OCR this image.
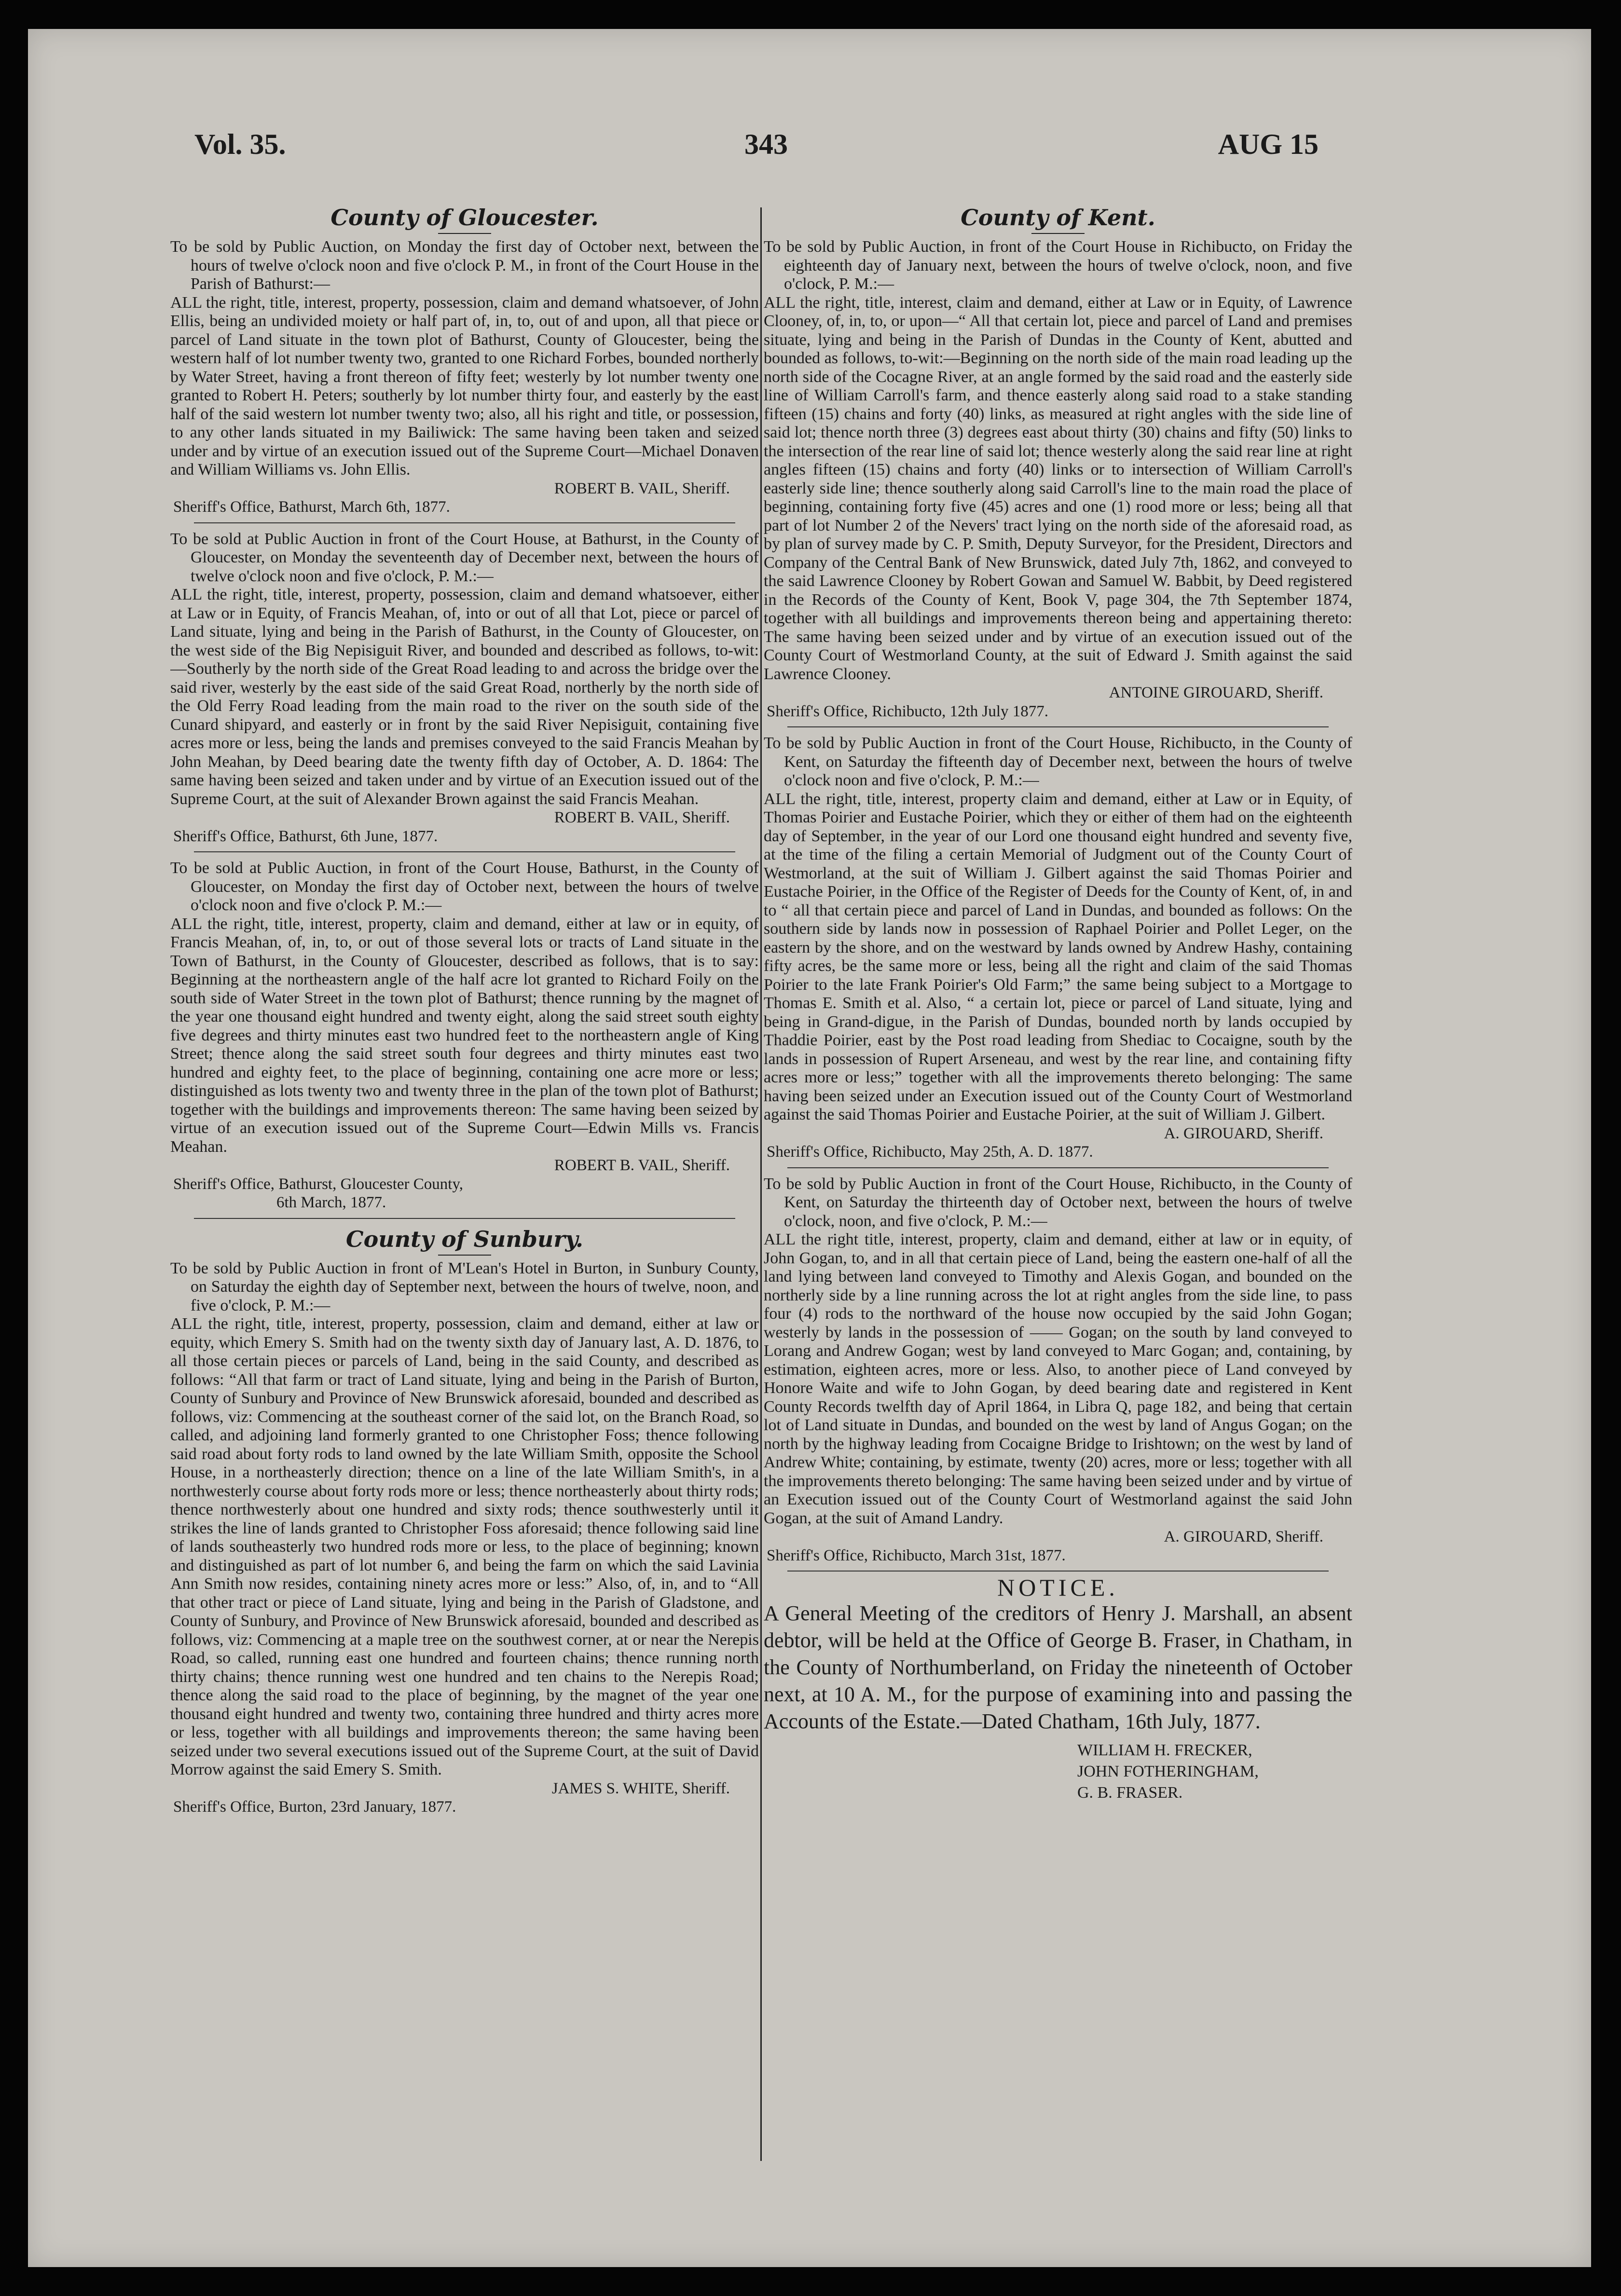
Vol. 35.	343	AUG 15
County of Gloucester.

To be sold by Public Auction, on Monday the first day of October next, between the hours of twelve o'clock noon and five o'clock P. M., in front of the Court House in the Parish of Bathurst:—

ALL the right, title, interest, property, possession, claim and demand whatsoever, of John Ellis, being an undivided moiety or half part of, in, to, out of and upon, all that piece or parcel of Land situate in the town plot of Bathurst, County of Gloucester, being the western half of lot number twenty two, granted to one Richard Forbes, bounded northerly by Water Street, having a front thereon of fifty feet; westerly by lot number twenty one granted to Robert H. Peters; southerly by lot number thirty four, and easterly by the east half of the said western lot number twenty two; also, all his right and title, or possession, to any other lands situated in my Bailiwick: The same having been taken and seized under and by virtue of an execution issued out of the Supreme Court—Michael Donaven and William Williams vs. John Ellis.

ROBERT B. VAIL, Sheriff.

Sheriff's Office, Bathurst, March 6th, 1877.

To be sold at Public Auction in front of the Court House, at Bathurst, in the County of Gloucester, on Monday the seventeenth day of December next, between the hours of twelve o'clock noon and five o'clock, P. M.:—

ALL the right, title, interest, property, possession, claim and demand whatsoever, either at Law or in Equity, of Francis Meahan, of, into or out of all that Lot, piece or parcel of Land situate, lying and being in the Parish of Bathurst, in the County of Gloucester, on the west side of the Big Nepisiguit River, and bounded and described as follows, to-wit:—Southerly by the north side of the Great Road leading to and across the bridge over the said river, westerly by the east side of the said Great Road, northerly by the north side of the Old Ferry Road leading from the main road to the river on the south side of the Cunard shipyard, and easterly or in front by the said River Nepisiguit, containing five acres more or less, being the lands and premises conveyed to the said Francis Meahan by John Meahan, by Deed bearing date the twenty fifth day of October, A. D. 1864: The same having been seized and taken under and by virtue of an Execution issued out of the Supreme Court, at the suit of Alexander Brown against the said Francis Meahan.

ROBERT B. VAIL, Sheriff.

Sheriff's Office, Bathurst, 6th June, 1877.

To be sold at Public Auction, in front of the Court House, Bathurst, in the County of Gloucester, on Monday the first day of October next, between the hours of twelve o'clock noon and five o'clock P. M.:—

ALL the right, title, interest, property, claim and demand, either at law or in equity, of Francis Meahan, of, in, to, or out of those several lots or tracts of Land situate in the Town of Bathurst, in the County of Gloucester, described as follows, that is to say: Beginning at the northeastern angle of the half acre lot granted to Richard Foily on the south side of Water Street in the town plot of Bathurst; thence running by the magnet of the year one thousand eight hundred and twenty eight, along the said street south eighty five degrees and thirty minutes east two hundred feet to the northeastern angle of King Street; thence along the said street south four degrees and thirty minutes east two hundred and eighty feet, to the place of beginning, containing one acre more or less; distinguished as lots twenty two and twenty three in the plan of the town plot of Bathurst; together with the buildings and improvements thereon: The same having been seized by virtue of an execution issued out of the Supreme Court—Edwin Mills vs. Francis Meahan.

ROBERT B. VAIL, Sheriff.

Sheriff's Office, Bathurst, Gloucester County,

6th March, 1877.

County of Sunbury.

To be sold by Public Auction in front of M'Lean's Hotel in Burton, in Sunbury County, on Saturday the eighth day of September next, between the hours of twelve, noon, and five o'clock, P. M.:—

ALL the right, title, interest, property, possession, claim and demand, either at law or equity, which Emery S. Smith had on the twenty sixth day of January last, A. D. 1876, to all those certain pieces or parcels of Land, being in the said County, and described as follows: “All that farm or tract of Land situate, lying and being in the Parish of Burton, County of Sunbury and Province of New Brunswick aforesaid, bounded and described as follows, viz: Commencing at the southeast corner of the said lot, on the Branch Road, so called, and adjoining land formerly granted to one Christopher Foss; thence following said road about forty rods to land owned by the late William Smith, opposite the School House, in a northeasterly direction; thence on a line of the late William Smith's, in a northwesterly course about forty rods more or less; thence northeasterly about thirty rods; thence northwesterly about one hundred and sixty rods; thence southwesterly until it strikes the line of lands granted to Christopher Foss aforesaid; thence following said line of lands southeasterly two hundred rods more or less, to the place of beginning; known and distinguished as part of lot number 6, and being the farm on which the said Lavinia Ann Smith now resides, containing ninety acres more or less:” Also, of, in, and to “All that other tract or piece of Land situate, lying and being in the Parish of Gladstone, and County of Sunbury, and Province of New Brunswick aforesaid, bounded and described as follows, viz: Commencing at a maple tree on the southwest corner, at or near the Nerepis Road, so called, running east one hundred and fourteen chains; thence running north thirty chains; thence running west one hundred and ten chains to the Nerepis Road; thence along the said road to the place of beginning, by the magnet of the year one thousand eight hundred and twenty two, containing three hundred and thirty acres more or less, together with all buildings and improvements thereon; the same having been seized under two several executions issued out of the Supreme Court, at the suit of David Morrow against the said Emery S. Smith.

JAMES S. WHITE, Sheriff.

Sheriff's Office, Burton, 23rd January, 1877.

County of Kent.

To be sold by Public Auction, in front of the Court House in Richibucto, on Friday the eighteenth day of January next, between the hours of twelve o'clock, noon, and five o'clock, P. M.:—

ALL the right, title, interest, claim and demand, either at Law or in Equity, of Lawrence Clooney, of, in, to, or upon—“ All that certain lot, piece and parcel of Land and premises situate, lying and being in the Parish of Dundas in the County of Kent, abutted and bounded as follows, to-wit:—Beginning on the north side of the main road leading up the north side of the Cocagne River, at an angle formed by the said road and the easterly side line of William Carroll's farm, and thence easterly along said road to a stake standing fifteen (15) chains and forty (40) links, as measured at right angles with the side line of said lot; thence north three (3) degrees east about thirty (30) chains and fifty (50) links to the intersection of the rear line of said lot; thence westerly along the said rear line at right angles fifteen (15) chains and forty (40) links or to intersection of William Carroll's easterly side line; thence southerly along said Carroll's line to the main road the place of beginning, containing forty five (45) acres and one (1) rood more or less; being all that part of lot Number 2 of the Nevers' tract lying on the north side of the aforesaid road, as by plan of survey made by C. P. Smith, Deputy Surveyor, for the President, Directors and Company of the Central Bank of New Brunswick, dated July 7th, 1862, and conveyed to the said Lawrence Clooney by Robert Gowan and Samuel W. Babbit, by Deed registered in the Records of the County of Kent, Book V, page 304, the 7th September 1874, together with all buildings and improvements thereon being and appertaining thereto: The same having been seized under and by virtue of an execution issued out of the County Court of Westmorland County, at the suit of Edward J. Smith against the said Lawrence Clooney.

ANTOINE GIROUARD, Sheriff.

Sheriff's Office, Richibucto, 12th July 1877.

To be sold by Public Auction in front of the Court House, Richibucto, in the County of Kent, on Saturday the fifteenth day of December next, between the hours of twelve o'clock noon and five o'clock, P. M.:—

ALL the right, title, interest, property claim and demand, either at Law or in Equity, of Thomas Poirier and Eustache Poirier, which they or either of them had on the eighteenth day of September, in the year of our Lord one thousand eight hundred and seventy five, at the time of the filing a certain Memorial of Judgment out of the County Court of Westmorland, at the suit of William J. Gilbert against the said Thomas Poirier and Eustache Poirier, in the Office of the Register of Deeds for the County of Kent, of, in and to “ all that certain piece and parcel of Land in Dundas, and bounded as follows: On the southern side by lands now in possession of Raphael Poirier and Pollet Leger, on the eastern by the shore, and on the westward by lands owned by Andrew Hashy, containing fifty acres, be the same more or less, being all the right and claim of the said Thomas Poirier to the late Frank Poirier's Old Farm;” the same being subject to a Mortgage to Thomas E. Smith et al. Also, “ a certain lot, piece or parcel of Land situate, lying and being in Grand-digue, in the Parish of Dundas, bounded north by lands occupied by Thaddie Poirier, east by the Post road leading from Shediac to Cocaigne, south by the lands in possession of Rupert Arseneau, and west by the rear line, and containing fifty acres more or less;” together with all the improvements thereto belonging: The same having been seized under an Execution issued out of the County Court of Westmorland against the said Thomas Poirier and Eustache Poirier, at the suit of William J. Gilbert.

A. GIROUARD, Sheriff.

Sheriff's Office, Richibucto, May 25th, A. D. 1877.

To be sold by Public Auction in front of the Court House, Richibucto, in the County of Kent, on Saturday the thirteenth day of October next, between the hours of twelve o'clock, noon, and five o'clock, P. M.:—

ALL the right title, interest, property, claim and demand, either at law or in equity, of John Gogan, to, and in all that certain piece of Land, being the eastern one-half of all the land lying between land conveyed to Timothy and Alexis Gogan, and bounded on the northerly side by a line running across the lot at right angles from the side line, to pass four (4) rods to the northward of the house now occupied by the said John Gogan; westerly by lands in the possession of —— Gogan; on the south by land conveyed to Lorang and Andrew Gogan; west by land conveyed to Marc Gogan; and, containing, by estimation, eighteen acres, more or less. Also, to another piece of Land conveyed by Honore Waite and wife to John Gogan, by deed bearing date and registered in Kent County Records twelfth day of April 1864, in Libra Q, page 182, and being that certain lot of Land situate in Dundas, and bounded on the west by land of Angus Gogan; on the north by the highway leading from Cocaigne Bridge to Irishtown; on the west by land of Andrew White; containing, by estimate, twenty (20) acres, more or less; together with all the improvements thereto belonging: The same having been seized under and by virtue of an Execution issued out of the County Court of Westmorland against the said John Gogan, at the suit of Amand Landry.

A. GIROUARD, Sheriff.

Sheriff's Office, Richibucto, March 31st, 1877.

NOTICE.
A General Meeting of the creditors of Henry J. Marshall, an absent debtor, will be held at the Office of George B. Fraser, in Chatham, in the County of Northumberland, on Friday the nineteenth of October next, at 10 A. M., for the purpose of examining into and passing the Accounts of the Estate.—Dated Chatham, 16th July, 1877.
WILLIAM H. FRECKER,
JOHN FOTHERINGHAM,
G. B. FRASER.
